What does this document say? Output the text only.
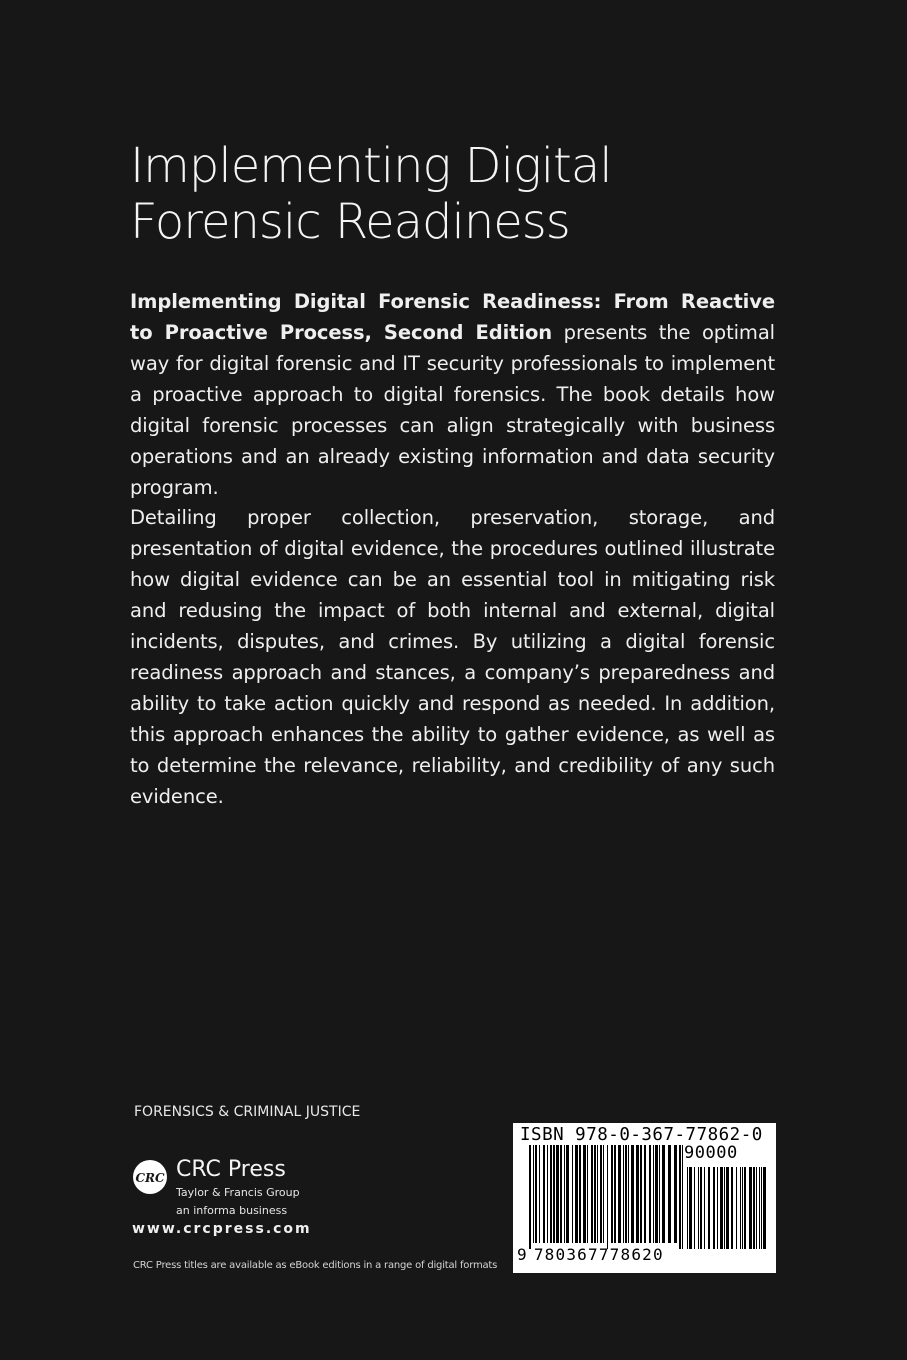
Implementing Digital
Forensic Readiness
Implementing Digital Forensic Readiness: From Reactive to Proactive Process, Second Edition presents the optimal way for digital forensic and IT security professionals to implement a proactive approach to digital forensics. The book details how digital forensic processes can align strategically with business operations and an already existing information and data security program.
Detailing proper collection, preservation, storage, and presentation of digital evidence, the procedures outlined illustrate how digital evidence can be an essential tool in mitigating risk and redusing the impact of both internal and external, digital incidents, disputes, and crimes. By utilizing a digital forensic readiness approach and stances, a company’s preparedness and ability to take action quickly and respond as needed. In addition, this approach enhances the ability to gather evidence, as well as to determine the relevance, reliability, and credibility of any such evidence.
FORENSICS & CRIMINAL JUSTICE
CRC CRC Press
Taylor & Francis Group
an informa business
www.crcpress.com
CRC Press titles are available as eBook editions in a range of digital formats
ISBN 978-0-367-77862-0
90000
9 780367778620
